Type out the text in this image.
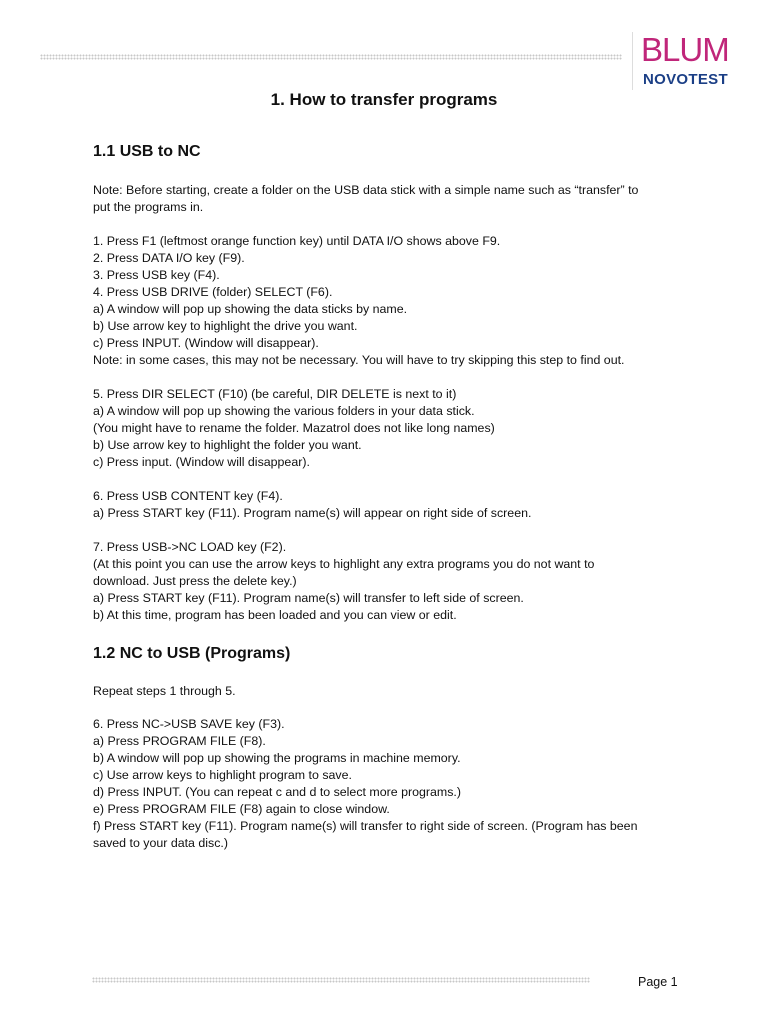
BLUM
NOVOTEST
1. How to transfer programs
1.1 USB to NC
Note: Before starting, create a folder on the USB data stick with a simple name such as “transfer” to
put the programs in.
1. Press F1 (leftmost orange function key) until DATA I/O shows above F9.
2. Press DATA I/O key (F9).
3. Press USB key (F4).
4. Press USB DRIVE (folder) SELECT (F6).
a) A window will pop up showing the data sticks by name.
b) Use arrow key to highlight the drive you want.
c) Press INPUT. (Window will disappear).
Note: in some cases, this may not be necessary. You will have to try skipping this step to find out.
5. Press DIR SELECT (F10) (be careful, DIR DELETE is next to it)
a) A window will pop up showing the various folders in your data stick.
(You might have to rename the folder. Mazatrol does not like long names)
b) Use arrow key to highlight the folder you want.
c) Press input. (Window will disappear).
6. Press USB CONTENT key (F4).
a) Press START key (F11). Program name(s) will appear on right side of screen.
7. Press USB->NC LOAD key (F2).
(At this point you can use the arrow keys to highlight any extra programs you do not want to
download. Just press the delete key.)
a) Press START key (F11). Program name(s) will transfer to left side of screen.
b) At this time, program has been loaded and you can view or edit.
1.2 NC to USB (Programs)
Repeat steps 1 through 5.
6. Press NC->USB SAVE key (F3).
a) Press PROGRAM FILE (F8).
b) A window will pop up showing the programs in machine memory.
c) Use arrow keys to highlight program to save.
d) Press INPUT. (You can repeat c and d to select more programs.)
e) Press PROGRAM FILE (F8) again to close window.
f) Press START key (F11). Program name(s) will transfer to right side of screen. (Program has been
saved to your data disc.)
Page 1
